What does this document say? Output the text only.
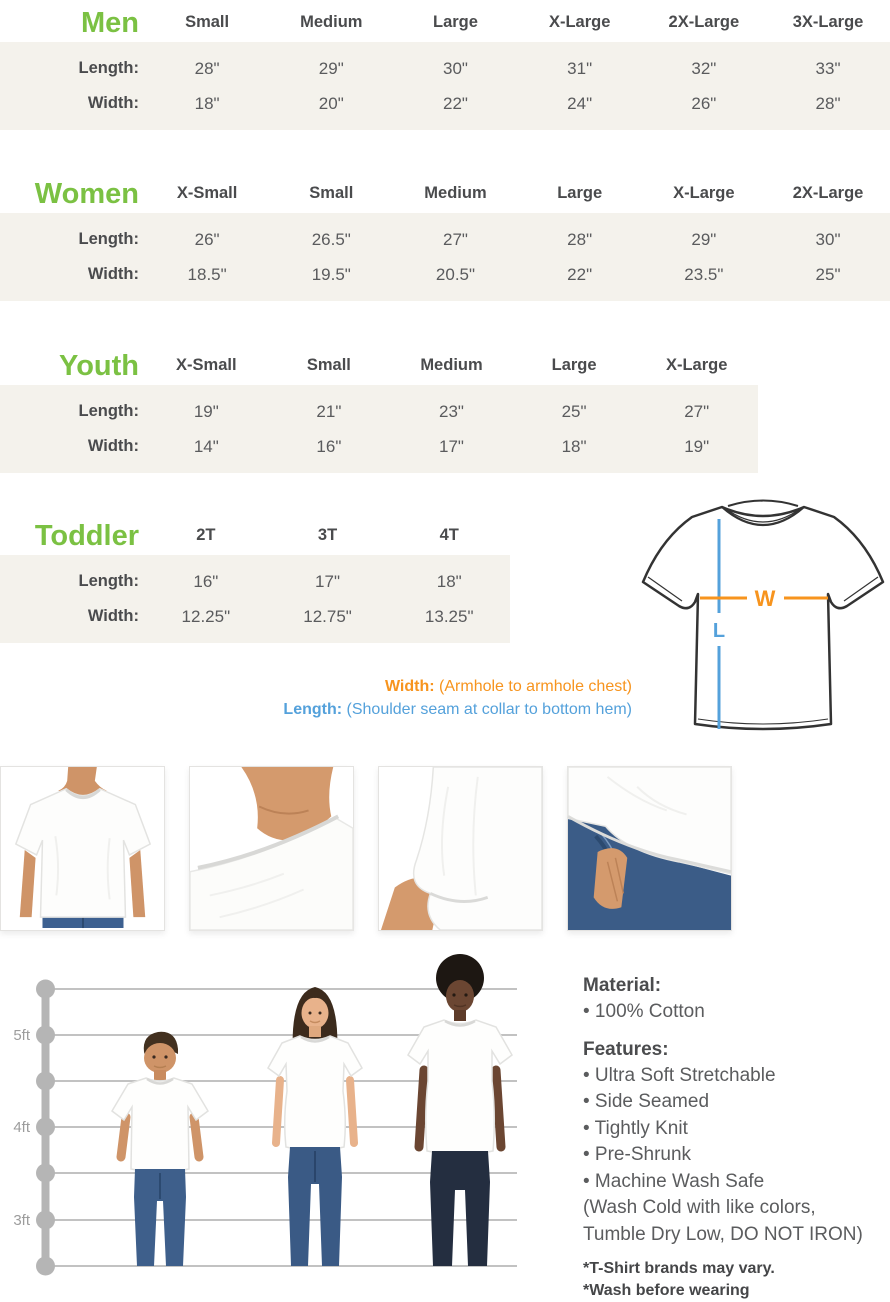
Men	Small	Medium	Large	X-Large	2X-Large	3X-Large
Length:	28"	29"	30"	31"	32"	33"
Width:	18"	20"	22"	24"	26"	28"
Women	X-Small	Small	Medium	Large	X-Large	2X-Large
Length:	26"	26.5"	27"	28"	29"	30"
Width:	18.5"	19.5"	20.5"	22"	23.5"	25"
Youth	X-Small	Small	Medium	Large	X-Large
Length:	19"	21"	23"	25"	27"
Width:	14"	16"	17"	18"	19"
Toddler	2T	3T	4T
Length:	16"	17"	18"
Width:	12.25"	12.75"	13.25"
L
W
Width: (Armhole to armhole chest)
Length: (Shoulder seam at collar to bottom hem)
5ft
4ft
3ft
Material:
• 100% Cotton
Features:
• Ultra Soft Stretchable
• Side Seamed
• Tightly Knit
• Pre-Shrunk
• Machine Wash Safe
(Wash Cold with like colors,
Tumble Dry Low, DO NOT IRON)
*T-Shirt brands may vary.
*Wash before wearing
